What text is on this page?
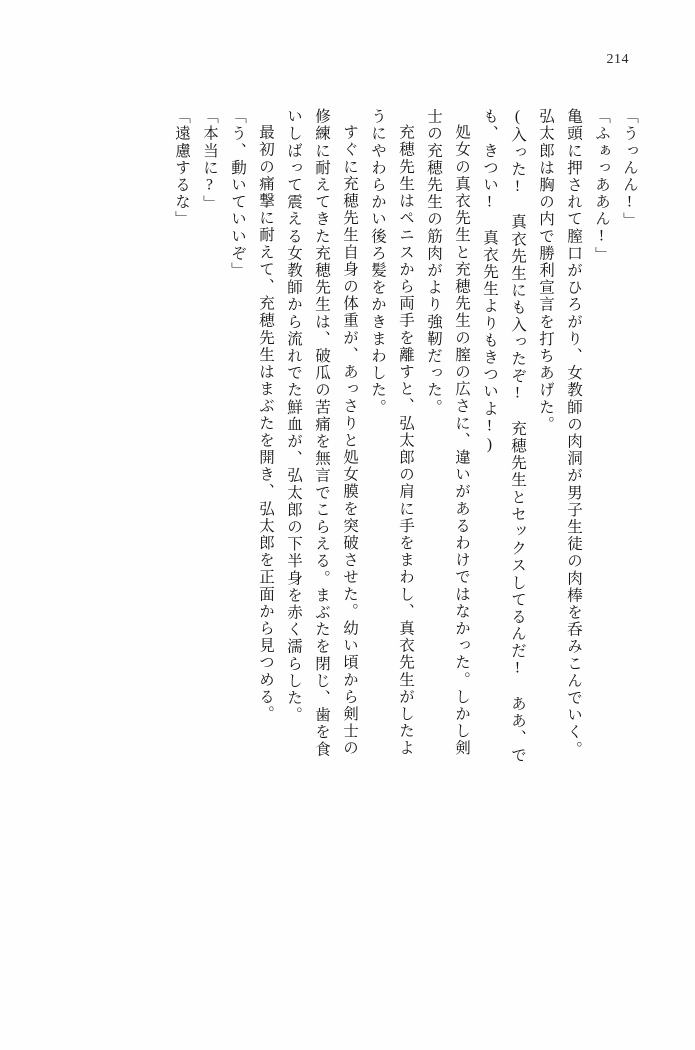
214
「うっんん!」
「ふぁっああん!」
亀頭に押されて膣口がひろがり、女教師の肉洞が男子生徒の肉棒を呑みこんでいく。
弘太郎は胸の内で勝利宣言を打ちあげた。
(入った!　真衣先生にも入ったぞ!　充穂先生とセックスしてるんだ!　ああ、で
も、きつい!　真衣先生よりもきついよ!)
処女の真衣先生と充穂先生の膣の広さに、違いがあるわけではなかった。しかし剣
士の充穂先生の筋肉がより強靭だった。
充穂先生はペニスから両手を離すと、弘太郎の肩に手をまわし、真衣先生がしたよ
うにやわらかい後ろ髪をかきまわした。
すぐに充穂先生自身の体重が、あっさりと処女膜を突破させた。幼い頃から剣士の
修練に耐えてきた充穂先生は、破瓜の苦痛を無言でこらえる。まぶたを閉じ、歯を食
いしばって震える女教師から流れでた鮮血が、弘太郎の下半身を赤く濡らした。
最初の痛撃に耐えて、充穂先生はまぶたを開き、弘太郎を正面から見つめる。
「う、動いていいぞ」
「本当に?」
「遠慮するな」
